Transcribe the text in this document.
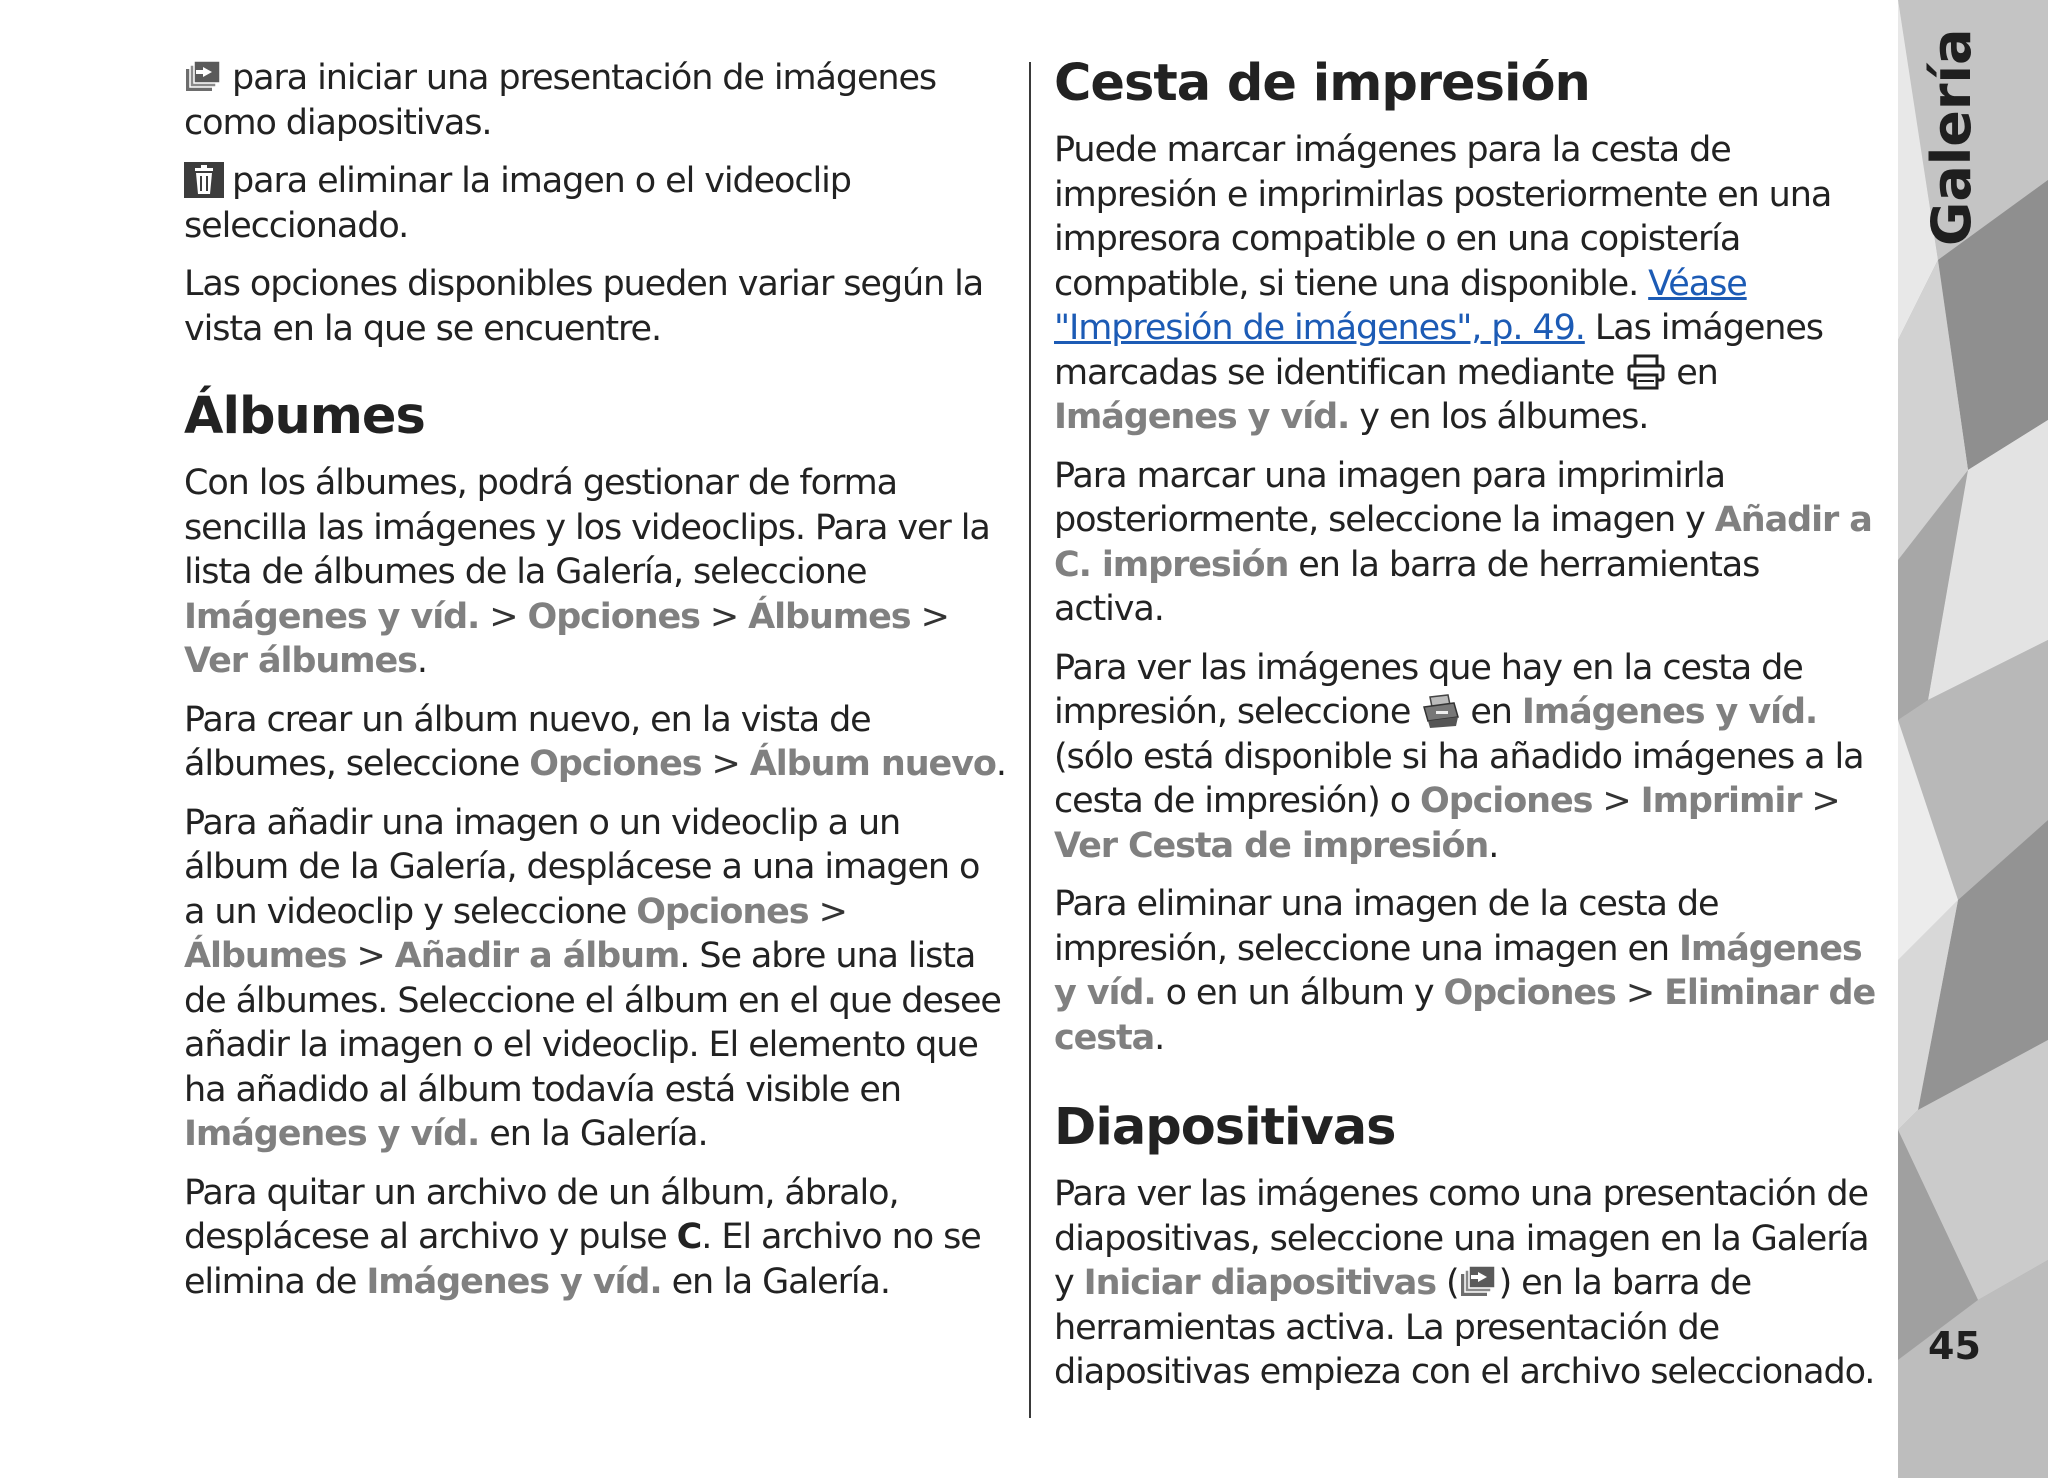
para iniciar una presentación de imágenes como diapositivas.

para eliminar la imagen o el videoclip seleccionado.

Las opciones disponibles pueden variar según la vista en la que se encuentre.

Álbumes

Con los álbumes, podrá gestionar de forma sencilla las imágenes y los videoclips. Para ver la lista de álbumes de la Galería, seleccione Imágenes y víd. > Opciones > Álbumes > Ver álbumes.

Para crear un álbum nuevo, en la vista de álbumes, seleccione Opciones > Álbum nuevo.

Para añadir una imagen o un videoclip a un álbum de la Galería, desplácese a una imagen o a un videoclip y seleccione Opciones > Álbumes > Añadir a álbum. Se abre una lista de álbumes. Seleccione el álbum en el que desee añadir la imagen o el videoclip. El elemento que ha añadido al álbum todavía está visible en Imágenes y víd. en la Galería.

Para quitar un archivo de un álbum, ábralo, desplácese al archivo y pulse C. El archivo no se elimina de Imágenes y víd. en la Galería.

Cesta de impresión

Puede marcar imágenes para la cesta de impresión e imprimirlas posteriormente en una impresora compatible o en una copistería compatible, si tiene una disponible. Véase "Impresión de imágenes", p. 49. Las imágenes marcadas se identifican mediante
en Imágenes y víd. y en los álbumes.

Para marcar una imagen para imprimirla posteriormente, seleccione la imagen y Añadir a C. impresión en la barra de herramientas activa.

Para ver las imágenes que hay en la cesta de impresión, seleccione
en Imágenes y víd. (sólo está disponible si ha añadido imágenes a la cesta de impresión) o Opciones > Imprimir > Ver Cesta de impresión.

Para eliminar una imagen de la cesta de impresión, seleccione una imagen en Imágenes y víd. o en un álbum y Opciones > Eliminar de cesta.

Diapositivas

Para ver las imágenes como una presentación de diapositivas, seleccione una imagen en la Galería y Iniciar diapositivas ( ) en la barra de herramientas activa. La presentación de diapositivas empieza con el archivo seleccionado.

45
